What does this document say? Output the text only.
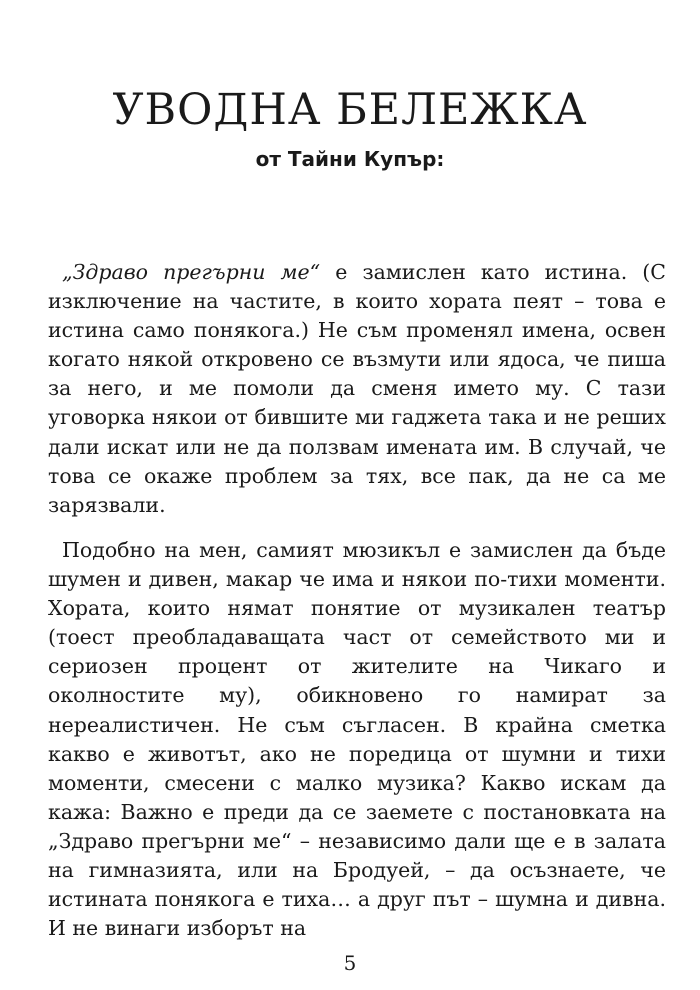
УВОДНА БЕЛЕЖКА
от Тайни Купър:

„Здраво прегърни ме“ е замислен като истина. (С изключение на частите, в които хората пеят – това е истина само понякога.) Не съм променял имена, освен когато някой откровено се възмути или ядоса, че пиша за него, и ме помоли да сменя името му. С тази уговорка някои от бившите ми гаджета така и не реших дали искат или не да ползвам имената им. В случай, че това се окаже проблем за тях, все пак, да не са ме зарязвали.

Подобно на мен, самият мюзикъл е замислен да бъде шумен и дивен, макар че има и някои по-тихи моменти. Хората, които нямат понятие от музикален театър (тоест преобладаващата част от семейството ми и сериозен процент от жителите на Чикаго и околностите му), обикновено го намират за нереалистичен. Не съм съгласен. В крайна сметка какво е животът, ако не поредица от шумни и тихи моменти, смесени с малко музика? Какво искам да кажа: Важно е преди да се заемете с постановката на „Здраво прегърни ме“ – независимо дали ще е в залата на гимназията, или на Бродуей, – да осъзнаете, че истината понякога е тиха… а друг път – шумна и дивна. И не винаги изборът на

5
